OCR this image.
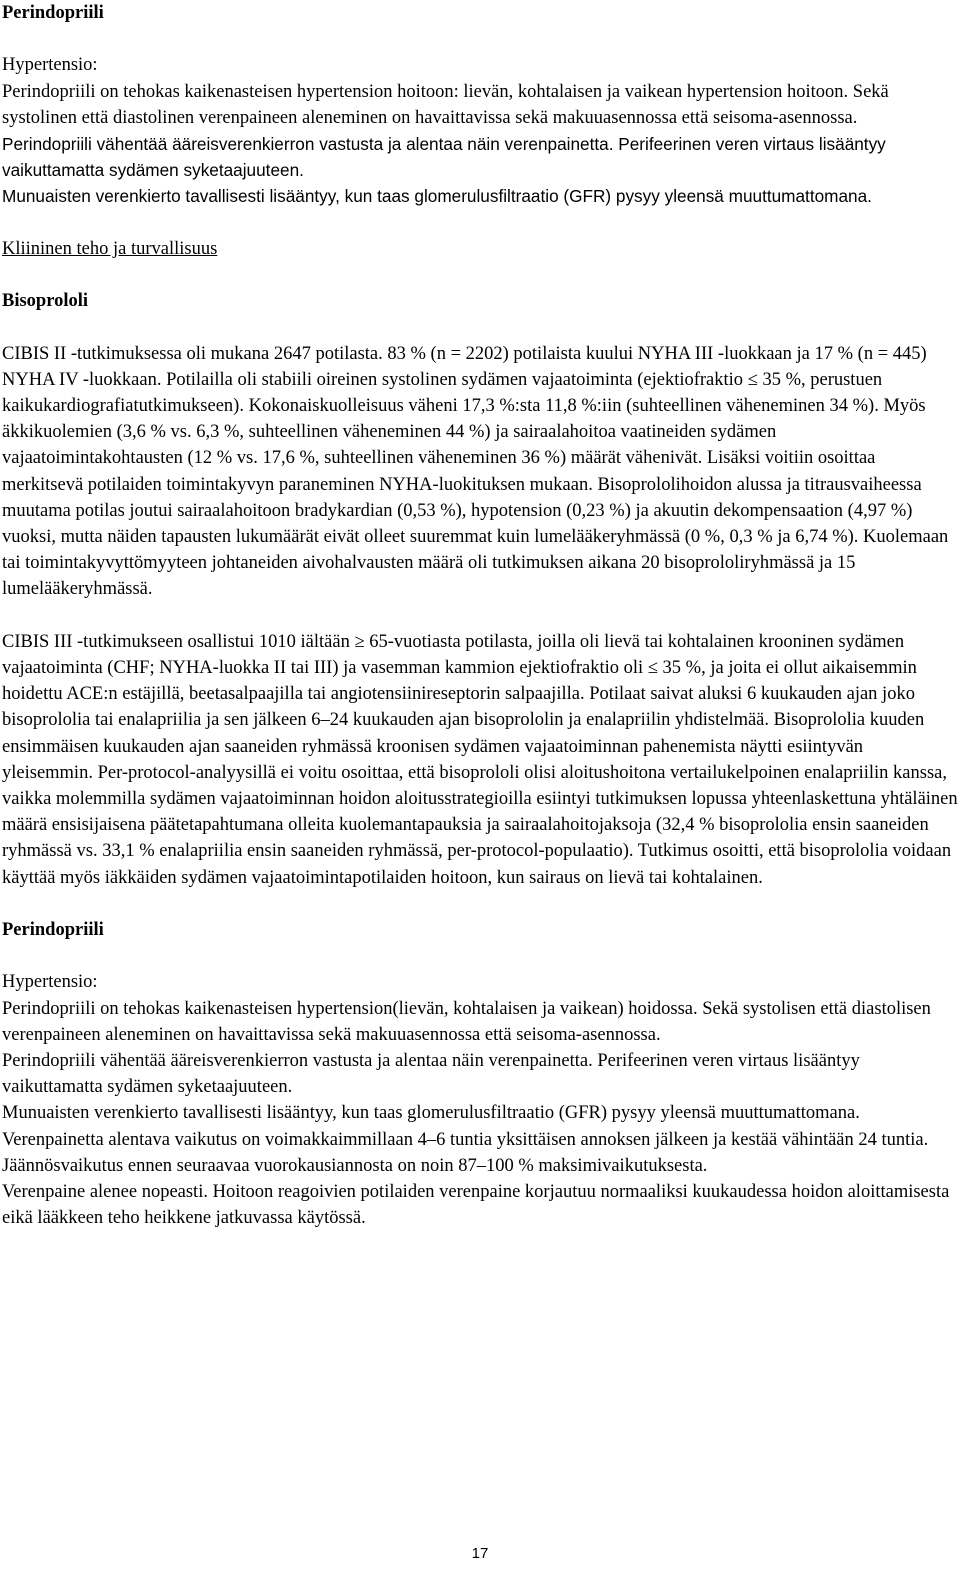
Perindopriili

Hypertensio:

Perindopriili on tehokas kaikenasteisen hypertension hoitoon: lievän, kohtalaisen ja vaikean hypertension hoitoon. Sekä systolinen että diastolinen verenpaineen aleneminen on havaittavissa sekä makuuasennossa että seisoma-asennossa.

Perindopriili vähentää ääreisverenkierron vastusta ja alentaa näin verenpainetta. Perifeerinen veren virtaus lisääntyy vaikuttamatta sydämen syketaajuuteen.

Munuaisten verenkierto tavallisesti lisääntyy, kun taas glomerulusfiltraatio (GFR) pysyy yleensä muuttumattomana.

Kliininen teho ja turvallisuus

Bisoprololi

CIBIS II -tutkimuksessa oli mukana 2647 potilasta. 83 % (n = 2202) potilaista kuului NYHA III -luokkaan ja 17 % (n = 445) NYHA IV -luokkaan. Potilailla oli stabiili oireinen systolinen sydämen vajaatoiminta (ejektiofraktio ≤ 35 %, perustuen kaikukardiografiatutkimukseen). Kokonaiskuolleisuus väheni 17,3 %:sta 11,8 %:iin (suhteellinen väheneminen 34 %). Myös äkkikuolemien (3,6 % vs. 6,3 %, suhteellinen väheneminen 44 %) ja sairaalahoitoa vaatineiden sydämen vajaatoimintakohtausten (12 % vs. 17,6 %, suhteellinen väheneminen 36 %) määrät vähenivät. Lisäksi voitiin osoittaa merkitsevä potilaiden toimintakyvyn paraneminen NYHA-luokituksen mukaan. Bisoprololihoidon alussa ja titrausvaiheessa muutama potilas joutui sairaalahoitoon bradykardian (0,53 %), hypotension (0,23 %) ja akuutin dekompensaation (4,97 %) vuoksi, mutta näiden tapausten lukumäärät eivät olleet suuremmat kuin lumelääkeryhmässä (0 %, 0,3 % ja 6,74 %). Kuolemaan tai toimintakyvyttömyyteen johtaneiden aivohalvausten määrä oli tutkimuksen aikana 20 bisoprololiryhmässä ja 15 lumelääkeryhmässä.

CIBIS III -tutkimukseen osallistui 1010 iältään ≥ 65-vuotiasta potilasta, joilla oli lievä tai kohtalainen krooninen sydämen vajaatoiminta (CHF; NYHA-luokka II tai III) ja vasemman kammion ejektiofraktio oli ≤ 35 %, ja joita ei ollut aikaisemmin hoidettu ACE:n estäjillä, beetasalpaajilla tai angiotensiinireseptorin salpaajilla. Potilaat saivat aluksi 6 kuukauden ajan joko bisoprololia tai enalapriilia ja sen jälkeen 6–24 kuukauden ajan bisoprololin ja enalapriilin yhdistelmää. Bisoprololia kuuden ensimmäisen kuukauden ajan saaneiden ryhmässä kroonisen sydämen vajaatoiminnan pahenemista näytti esiintyvän yleisemmin. Per-protocol-analyysillä ei voitu osoittaa, että bisoprololi olisi aloitushoitona vertailukelpoinen enalapriilin kanssa, vaikka molemmilla sydämen vajaatoiminnan hoidon aloitusstrategioilla esiintyi tutkimuksen lopussa yhteenlaskettuna yhtäläinen määrä ensisijaisena päätetapahtumana olleita kuolemantapauksia ja sairaalahoitojaksoja (32,4 % bisoprololia ensin saaneiden ryhmässä vs. 33,1 % enalapriilia ensin saaneiden ryhmässä, per-protocol-populaatio). Tutkimus osoitti, että bisoprololia voidaan käyttää myös iäkkäiden sydämen vajaatoimintapotilaiden hoitoon, kun sairaus on lievä tai kohtalainen.

Perindopriili

Hypertensio:

Perindopriili on tehokas kaikenasteisen hypertension(lievän, kohtalaisen ja vaikean) hoidossa. Sekä systolisen että diastolisen verenpaineen aleneminen on havaittavissa sekä makuuasennossa että seisoma-asennossa.

Perindopriili vähentää ääreisverenkierron vastusta ja alentaa näin verenpainetta. Perifeerinen veren virtaus lisääntyy vaikuttamatta sydämen syketaajuuteen.

Munuaisten verenkierto tavallisesti lisääntyy, kun taas glomerulusfiltraatio (GFR) pysyy yleensä muuttumattomana.

Verenpainetta alentava vaikutus on voimakkaimmillaan 4–6 tuntia yksittäisen annoksen jälkeen ja kestää vähintään 24 tuntia. Jäännösvaikutus ennen seuraavaa vuorokausiannosta on noin 87–100 % maksimivaikutuksesta.

Verenpaine alenee nopeasti. Hoitoon reagoivien potilaiden verenpaine korjautuu normaaliksi kuukaudessa hoidon aloittamisesta eikä lääkkeen teho heikkene jatkuvassa käytössä.

17
